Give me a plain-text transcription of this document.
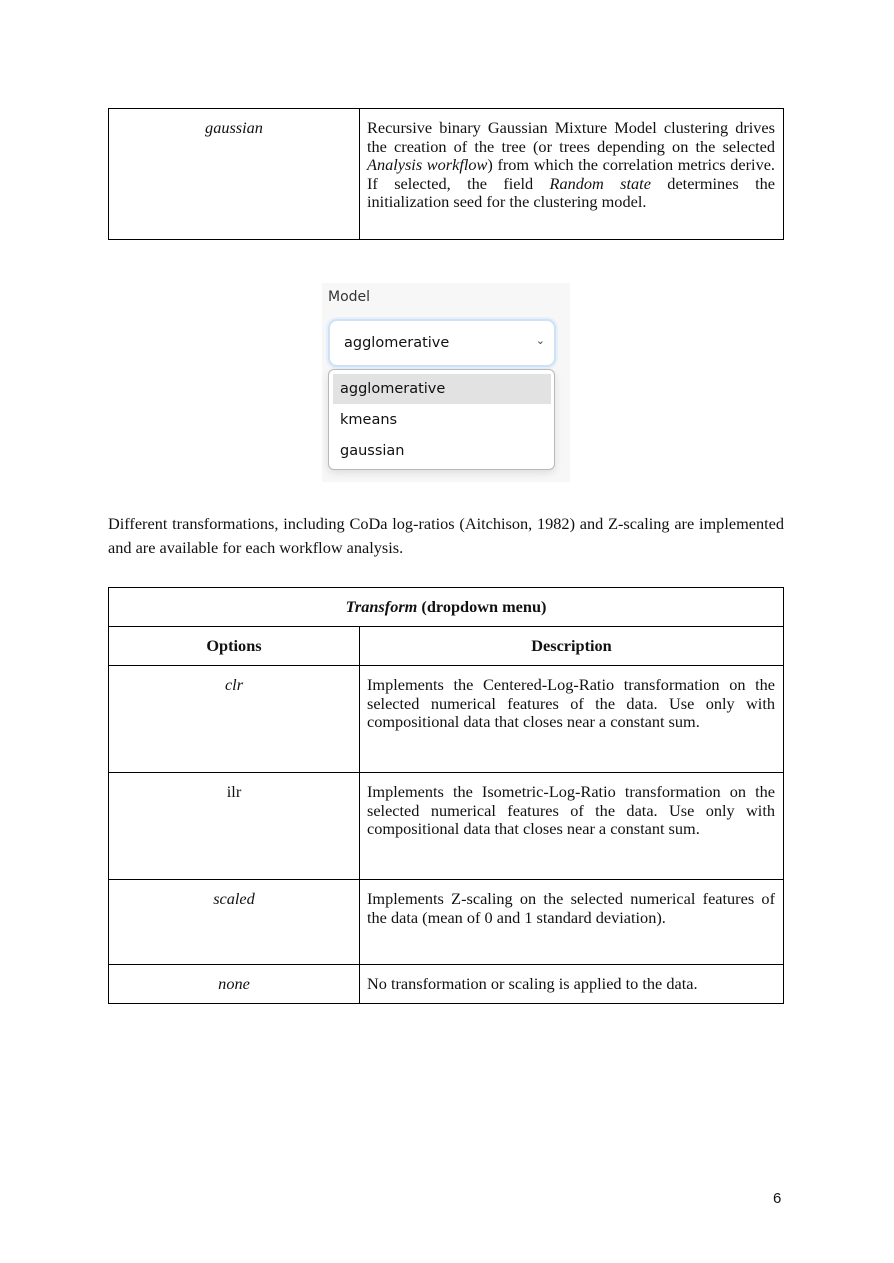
gaussian	Recursive binary Gaussian Mixture Model clustering drives the creation of the tree (or trees depending on the selected Analysis workflow) from which the correlation metrics derive. If selected, the field Random state determines the initialization seed for the clustering model.
Model
agglomerative	⌄
agglomerative
kmeans
gaussian

Different transformations, including CoDa log-ratios (Aitchison, 1982) and Z-scaling are implemented and are available for each workflow analysis.

Transform (dropdown menu)	
Options	Description
clr	Implements the Centered-Log-Ratio transformation on the selected numerical features of the data. Use only with compositional data that closes near a constant sum.
ilr	Implements the Isometric-Log-Ratio transformation on the selected numerical features of the data. Use only with compositional data that closes near a constant sum.
scaled	Implements Z-scaling on the selected numerical features of the data (mean of 0 and 1 standard deviation).
none	No transformation or scaling is applied to the data.
6
